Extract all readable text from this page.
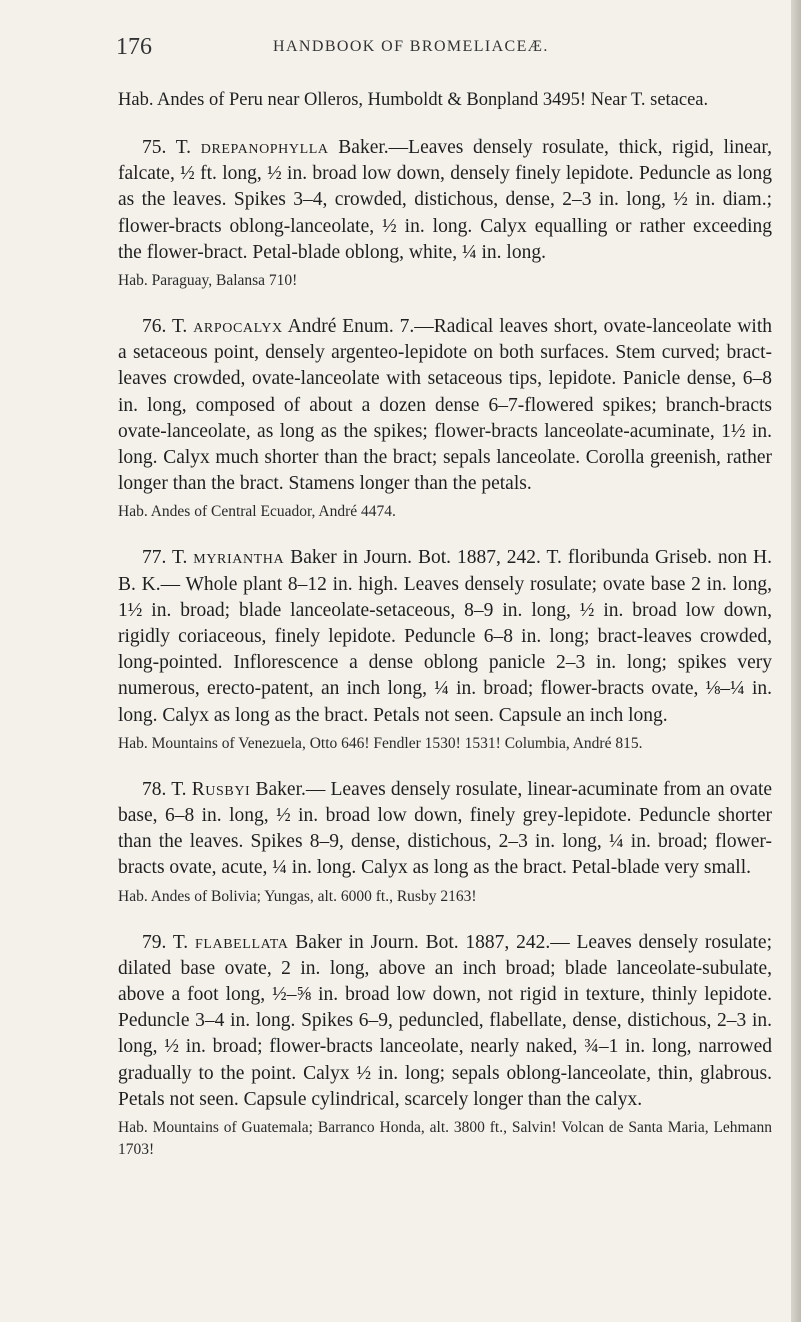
176	HANDBOOK OF BROMELIACEÆ.

Hab. Andes of Peru near Olleros, Humboldt & Bonpland 3495! Near T. setacea.

75. T. drepanophylla Baker.—Leaves densely rosulate, thick, rigid, linear, falcate, ½ ft. long, ½ in. broad low down, densely finely lepidote. Peduncle as long as the leaves. Spikes 3–4, crowded, distichous, dense, 2–3 in. long, ½ in. diam.; flower-bracts oblong-lanceolate, ½ in. long. Calyx equalling or rather exceeding the flower-bract. Petal-blade oblong, white, ¼ in. long.

Hab. Paraguay, Balansa 710!

76. T. arpocalyx André Enum. 7.—Radical leaves short, ovate-lanceolate with a setaceous point, densely argenteo-lepidote on both surfaces. Stem curved; bract-leaves crowded, ovate-lanceolate with setaceous tips, lepidote. Panicle dense, 6–8 in. long, composed of about a dozen dense 6–7-flowered spikes; branch-bracts ovate-lanceolate, as long as the spikes; flower-bracts lanceolate-acuminate, 1½ in. long. Calyx much shorter than the bract; sepals lanceolate. Corolla greenish, rather longer than the bract. Stamens longer than the petals.

Hab. Andes of Central Ecuador, André 4474.

77. T. myriantha Baker in Journ. Bot. 1887, 242. T. floribunda Griseb. non H. B. K.— Whole plant 8–12 in. high. Leaves densely rosulate; ovate base 2 in. long, 1½ in. broad; blade lanceolate-setaceous, 8–9 in. long, ½ in. broad low down, rigidly coriaceous, finely lepidote. Peduncle 6–8 in. long; bract-leaves crowded, long-pointed. Inflorescence a dense oblong panicle 2–3 in. long; spikes very numerous, erecto-patent, an inch long, ¼ in. broad; flower-bracts ovate, ⅛–¼ in. long. Calyx as long as the bract. Petals not seen. Capsule an inch long.

Hab. Mountains of Venezuela, Otto 646! Fendler 1530! 1531! Columbia, André 815.

78. T. Rusbyi Baker.— Leaves densely rosulate, linear-acuminate from an ovate base, 6–8 in. long, ½ in. broad low down, finely grey-lepidote. Peduncle shorter than the leaves. Spikes 8–9, dense, distichous, 2–3 in. long, ¼ in. broad; flower-bracts ovate, acute, ¼ in. long. Calyx as long as the bract. Petal-blade very small.

Hab. Andes of Bolivia; Yungas, alt. 6000 ft., Rusby 2163!

79. T. flabellata Baker in Journ. Bot. 1887, 242.— Leaves densely rosulate; dilated base ovate, 2 in. long, above an inch broad; blade lanceolate-subulate, above a foot long, ½–⅝ in. broad low down, not rigid in texture, thinly lepidote. Peduncle 3–4 in. long. Spikes 6–9, peduncled, flabellate, dense, distichous, 2–3 in. long, ½ in. broad; flower-bracts lanceolate, nearly naked, ¾–1 in. long, narrowed gradually to the point. Calyx ½ in. long; sepals oblong-lanceolate, thin, glabrous. Petals not seen. Capsule cylindrical, scarcely longer than the calyx.

Hab. Mountains of Guatemala; Barranco Honda, alt. 3800 ft., Salvin! Volcan de Santa Maria, Lehmann 1703!
